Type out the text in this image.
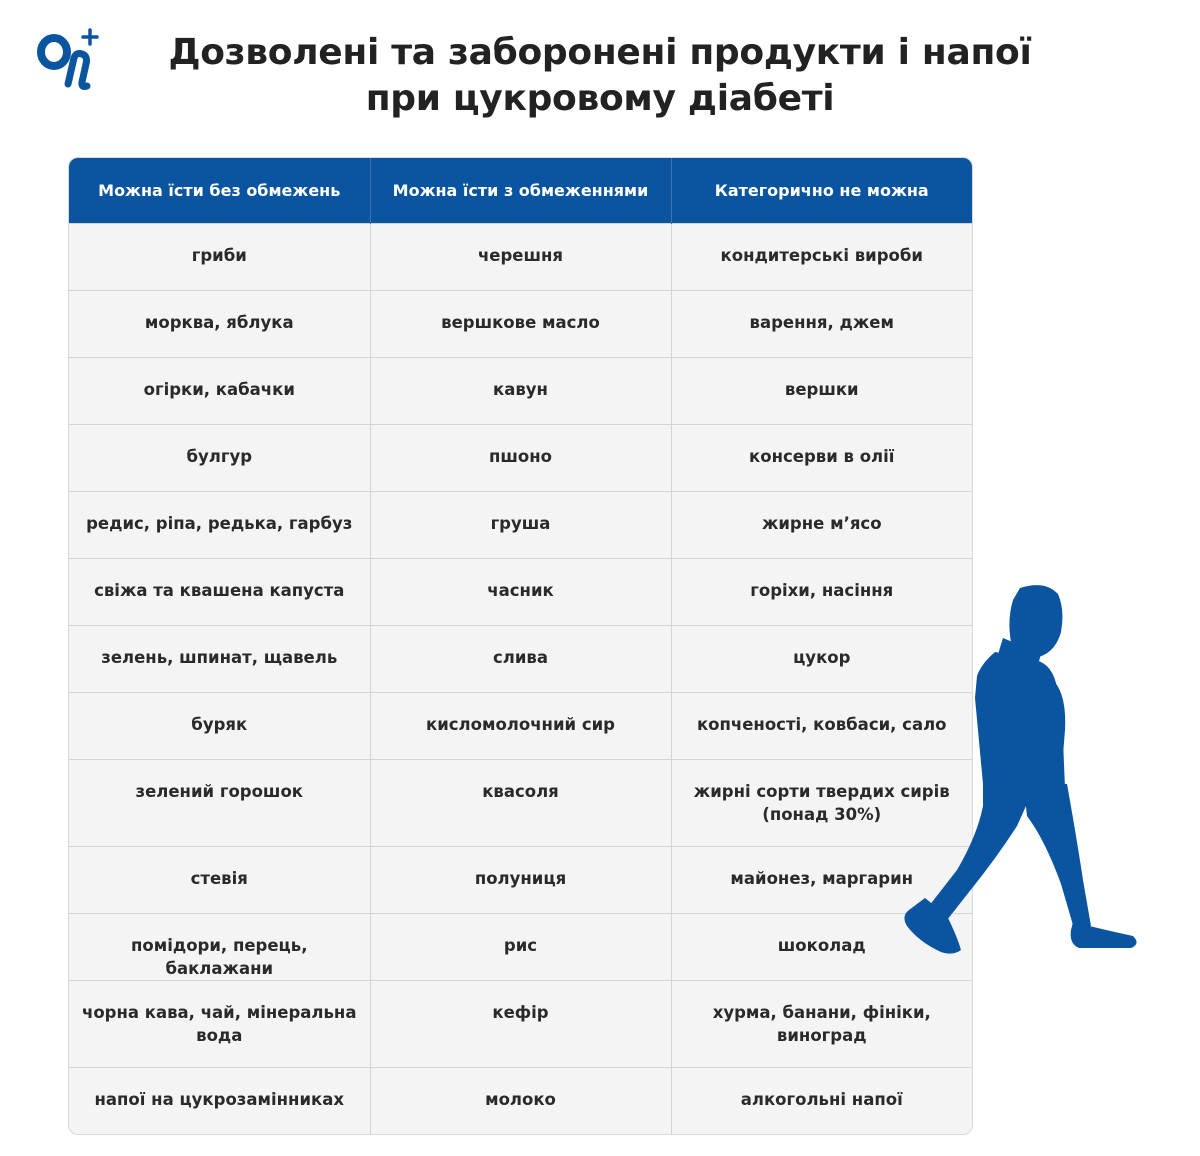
Дозволені та заборонені продукти і напої при цукровому діабеті
Можна їсти без обмежень	Можна їсти з обмеженнями	Категорично не можна
гриби	черешня	кондитерські вироби
морква, яблука	вершкове масло	варення, джем
огірки, кабачки	кавун	вершки
булгур	пшоно	консерви в олії
редис, ріпа, редька, гарбуз	груша	жирне м’ясо
свіжа та квашена капуста	часник	горіхи, насіння
зелень, шпинат, щавель	слива	цукор
буряк	кисломолочний сир	копченості, ковбаси, сало
зелений горошок	квасоля	жирні сорти твердих сирів (понад 30%)
стевія	полуниця	майонез, маргарин
помідори, перець, баклажани	рис	шоколад
чорна кава, чай, мінеральна вода	кефір	хурма, банани, фініки, виноград
напої на цукрозамінниках	молоко	алкогольні напої
